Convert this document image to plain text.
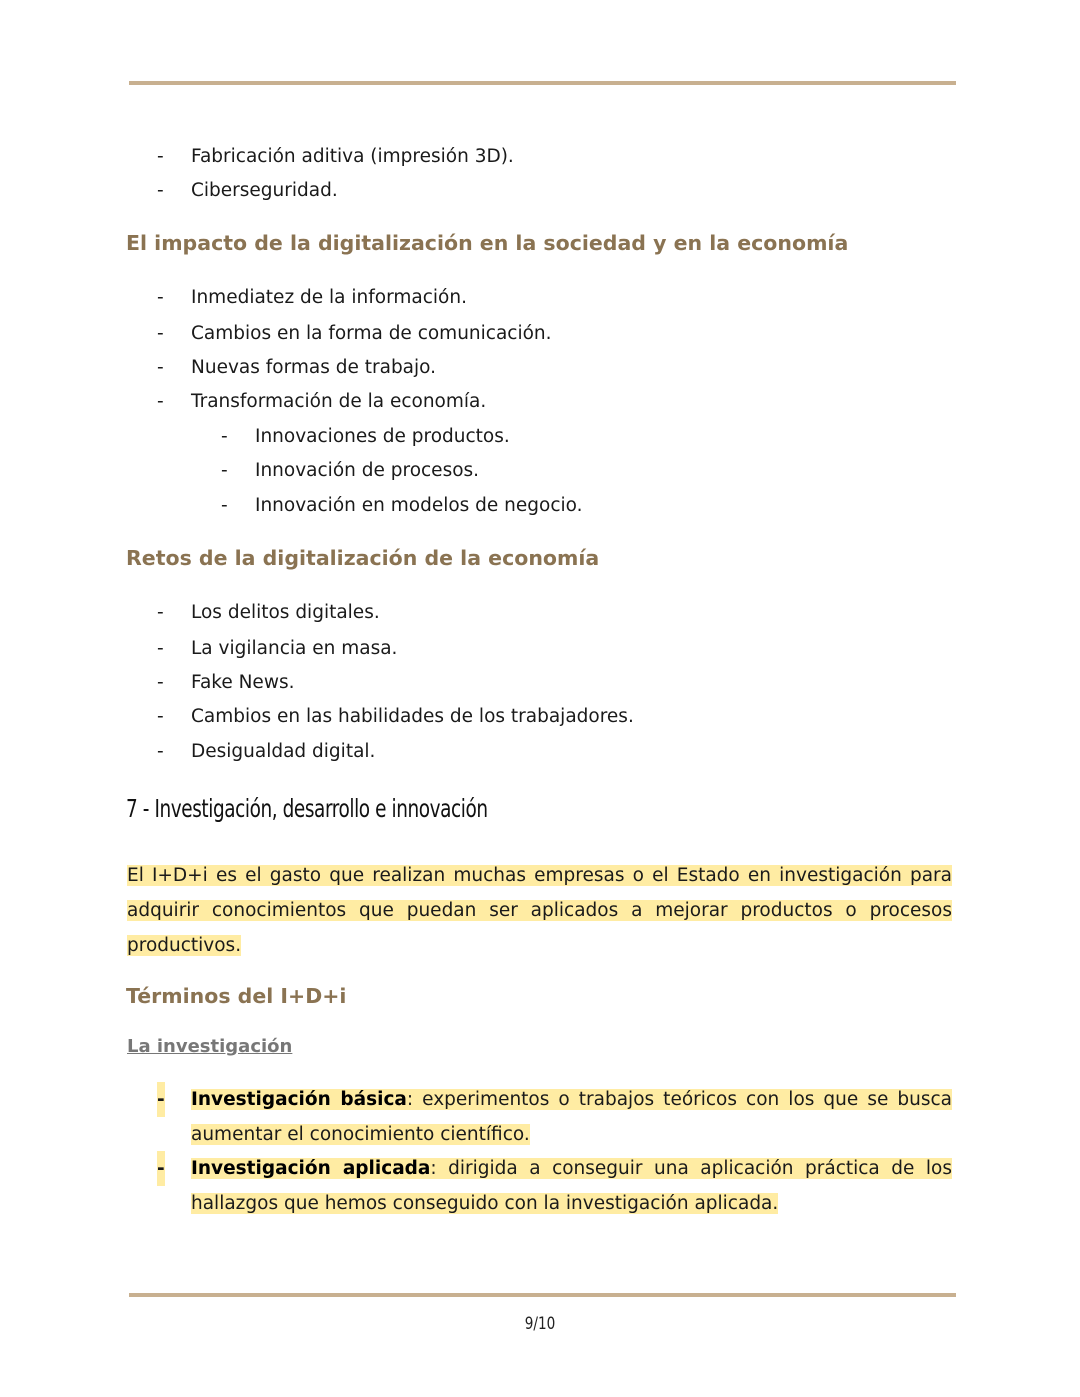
- Fabricación aditiva (impresión 3D).
- Ciberseguridad.
El impacto de la digitalización en la sociedad y en la economía
- Inmediatez de la información.
- Cambios en la forma de comunicación.
- Nuevas formas de trabajo.
- Transformación de la economía.
- Innovaciones de productos.
- Innovación de procesos.
- Innovación en modelos de negocio.
Retos de la digitalización de la economía
- Los delitos digitales.
- La vigilancia en masa.
- Fake News.
- Cambios en las habilidades de los trabajadores.
- Desigualdad digital.
7 - Investigación, desarrollo e innovación
El I+D+i es el gasto que realizan muchas empresas o el Estado en investigación para adquirir conocimientos que puedan ser aplicados a mejorar productos o procesos productivos.
Términos del I+D+i
La investigación
- Investigación básica: experimentos o trabajos teóricos con los que se busca aumentar el conocimiento científico.
- Investigación aplicada: dirigida a conseguir una aplicación práctica de los hallazgos que hemos conseguido con la investigación aplicada.
9/10
